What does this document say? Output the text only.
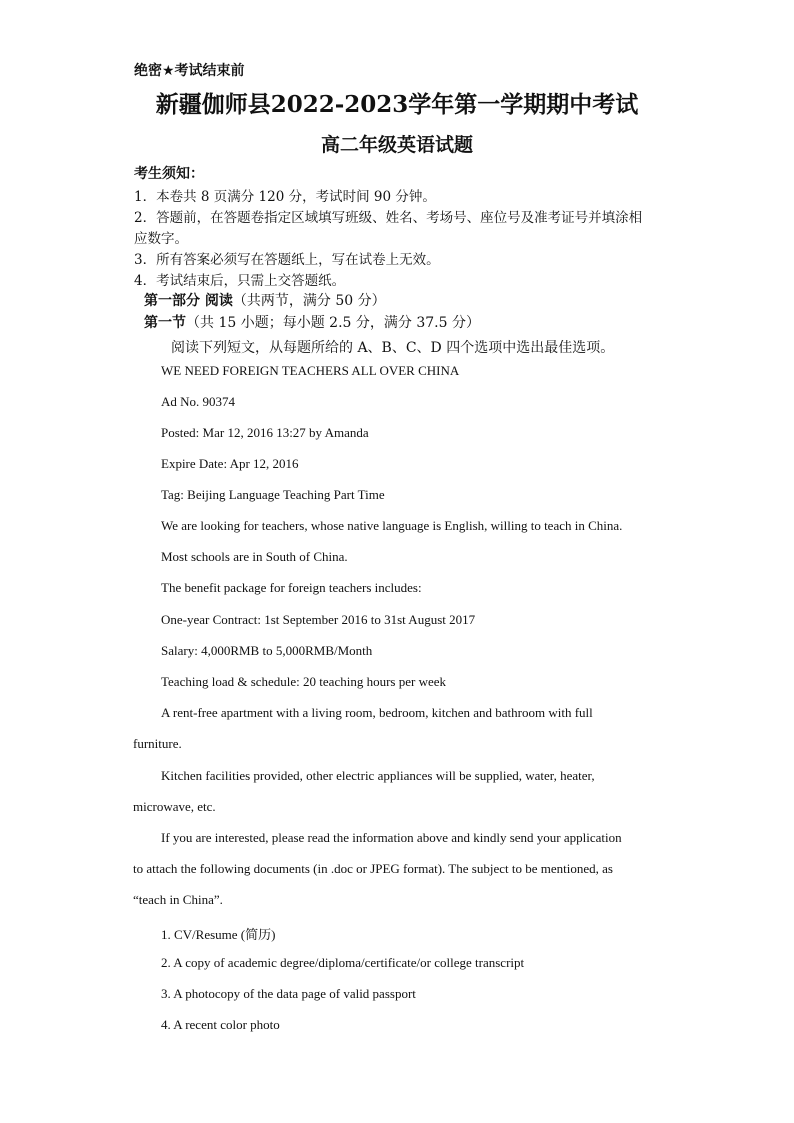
绝密★考试结束前
新疆伽师县2022-2023学年第一学期期中考试
高二年级英语试题
考生须知：
1．本卷共 8 页满分 120 分，考试时间 90 分钟。
2．答题前，在答题卷指定区域填写班级、姓名、考场号、座位号及准考证号并填涂相
应数字。
3．所有答案必须写在答题纸上，写在试卷上无效。
4．考试结束后，只需上交答题纸。
第一部分 阅读（共两节，满分 50 分）
第一节（共 15 小题；每小题 2.5 分，满分 37.5 分）
阅读下列短文，从每题所给的 A、B、C、D 四个选项中选出最佳选项。
WE NEED FOREIGN TEACHERS ALL OVER CHINA
Ad No. 90374
Posted: Mar 12, 2016 13:27 by Amanda
Expire Date: Apr 12, 2016
Tag: Beijing Language Teaching Part Time
We are looking for teachers, whose native language is English, willing to teach in China.
Most schools are in South of China.
The benefit package for foreign teachers includes:
One-year Contract: 1st September 2016 to 31st August 2017
Salary: 4,000RMB to 5,000RMB/Month
Teaching load & schedule: 20 teaching hours per week
A rent-free apartment with a living room, bedroom, kitchen and bathroom with full
furniture.
Kitchen facilities provided, other electric appliances will be supplied, water, heater,
microwave, etc.
If you are interested, please read the information above and kindly send your application
to attach the following documents (in .doc or JPEG format). The subject to be mentioned, as
“teach in China”.
1. CV/Resume (简历)
2. A copy of academic degree/diploma/certificate/or college transcript
3. A photocopy of the data page of valid passport
4. A recent color photo
